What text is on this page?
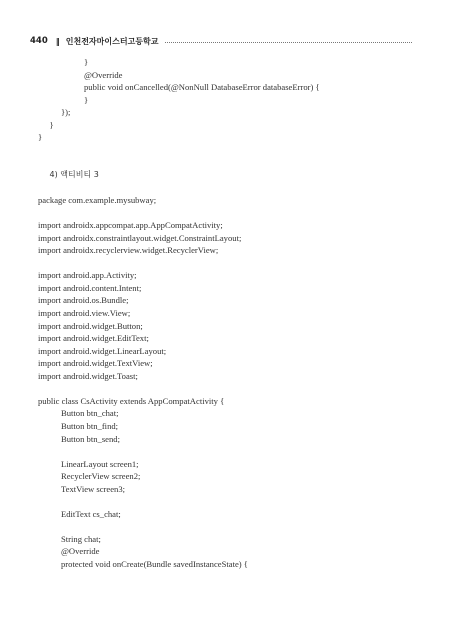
440 ‖ 인천전자마이스터고등학교
}
@Override
public void onCancelled(@NonNull DatabaseError databaseError) {
}
});
}
}
4) 액티비티 3
package com.example.mysubway;
import androidx.appcompat.app.AppCompatActivity;
import androidx.constraintlayout.widget.ConstraintLayout;
import androidx.recyclerview.widget.RecyclerView;
import android.app.Activity;
import android.content.Intent;
import android.os.Bundle;
import android.view.View;
import android.widget.Button;
import android.widget.EditText;
import android.widget.LinearLayout;
import android.widget.TextView;
import android.widget.Toast;
public class CsActivity extends AppCompatActivity {
Button btn_chat;
Button btn_find;
Button btn_send;
LinearLayout screen1;
RecyclerView screen2;
TextView screen3;
EditText cs_chat;
String chat;
@Override
protected void onCreate(Bundle savedInstanceState) {
